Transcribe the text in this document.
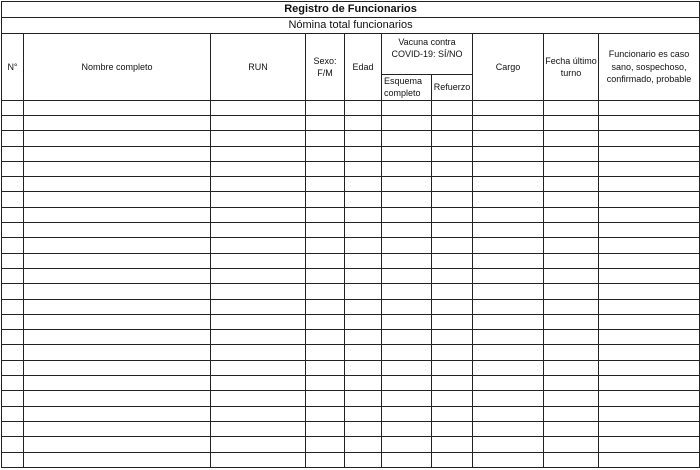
Registro de Funcionarios									
Nómina total funcionarios									
N°	Nombre completo	RUN	Sexo: F/M	Edad	Vacuna contra COVID-19: SÍ/NO		Cargo	Fecha último turno	Funcionario es caso sano, sospechoso, confirmado, probable
					Esquema completo	Refuerzo			
